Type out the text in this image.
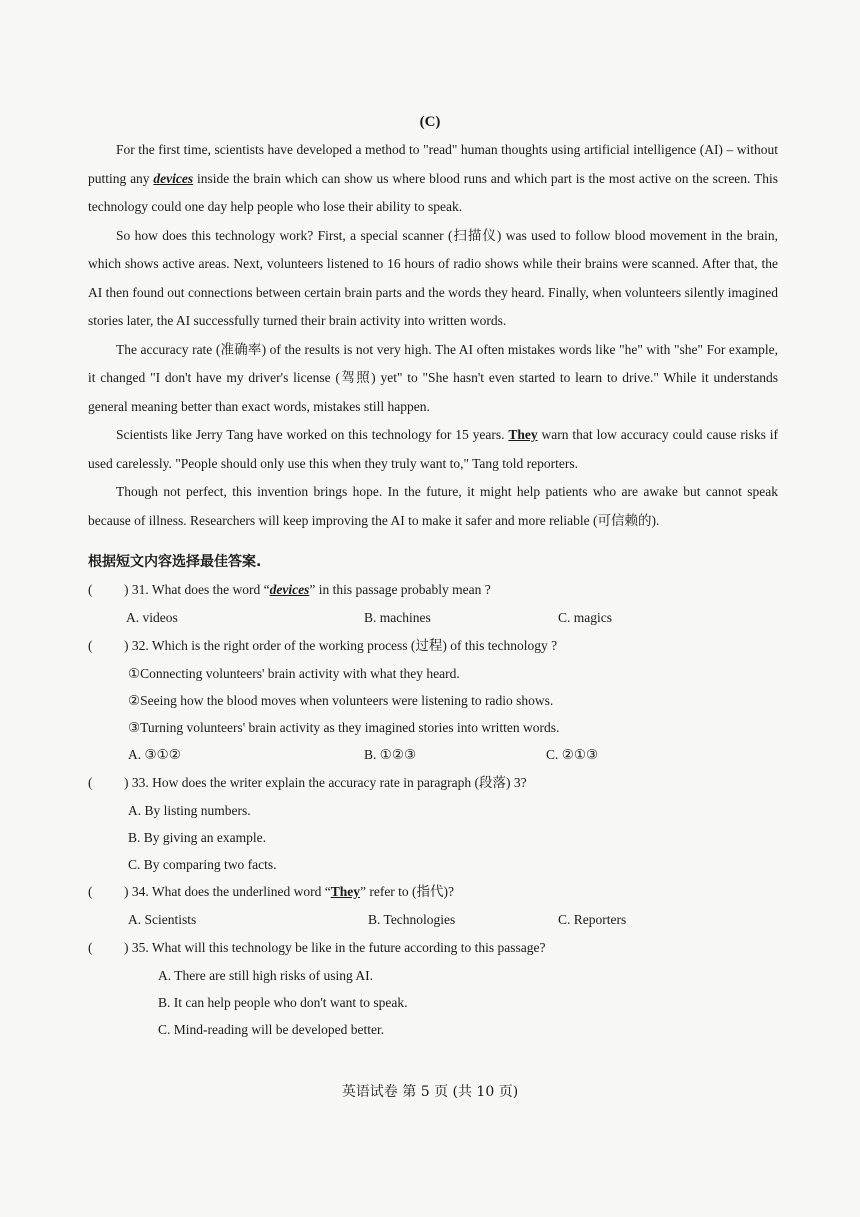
(C)

For the first time, scientists have developed a method to "read" human thoughts using artificial intelligence (AI) – without putting any devices inside the brain which can show us where blood runs and which part is the most active on the screen. This technology could one day help people who lose their ability to speak.

So how does this technology work? First, a special scanner (扫描仪) was used to follow blood movement in the brain, which shows active areas. Next, volunteers listened to 16 hours of radio shows while their brains were scanned. After that, the AI then found out connections between certain brain parts and the words they heard. Finally, when volunteers silently imagined stories later, the AI successfully turned their brain activity into written words.

The accuracy rate (准确率) of the results is not very high. The AI often mistakes words like "he" with "she" For example, it changed "I don't have my driver's license (驾照) yet" to "She hasn't even started to learn to drive." While it understands general meaning better than exact words, mistakes still happen.

Scientists like Jerry Tang have worked on this technology for 15 years. They warn that low accuracy could cause risks if used carelessly. "People should only use this when they truly want to," Tang told reporters.

Though not perfect, this invention brings hope. In the future, it might help patients who are awake but cannot speak because of illness. Researchers will keep improving the AI to make it safer and more reliable (可信赖的).

根据短文内容选择最佳答案.
( ) 31. What does the word “devices” in this passage probably mean ?
A. videos	B. machines	C. magics
( ) 32. Which is the right order of the working process (过程) of this technology ?
①Connecting volunteers' brain activity with what they heard.
②Seeing how the blood moves when volunteers were listening to radio shows.
③Turning volunteers' brain activity as they imagined stories into written words.
A. ③①②	B. ①②③	C. ②①③
( ) 33. How does the writer explain the accuracy rate in paragraph (段落) 3?
A. By listing numbers.
B. By giving an example.
C. By comparing two facts.
( ) 34. What does the underlined word “They” refer to (指代)?
A. Scientists	B. Technologies	C. Reporters
( ) 35. What will this technology be like in the future according to this passage?
A. There are still high risks of using AI.
B. It can help people who don't want to speak.
C. Mind-reading will be developed better.
英语试卷 第 5 页 (共 10 页)
